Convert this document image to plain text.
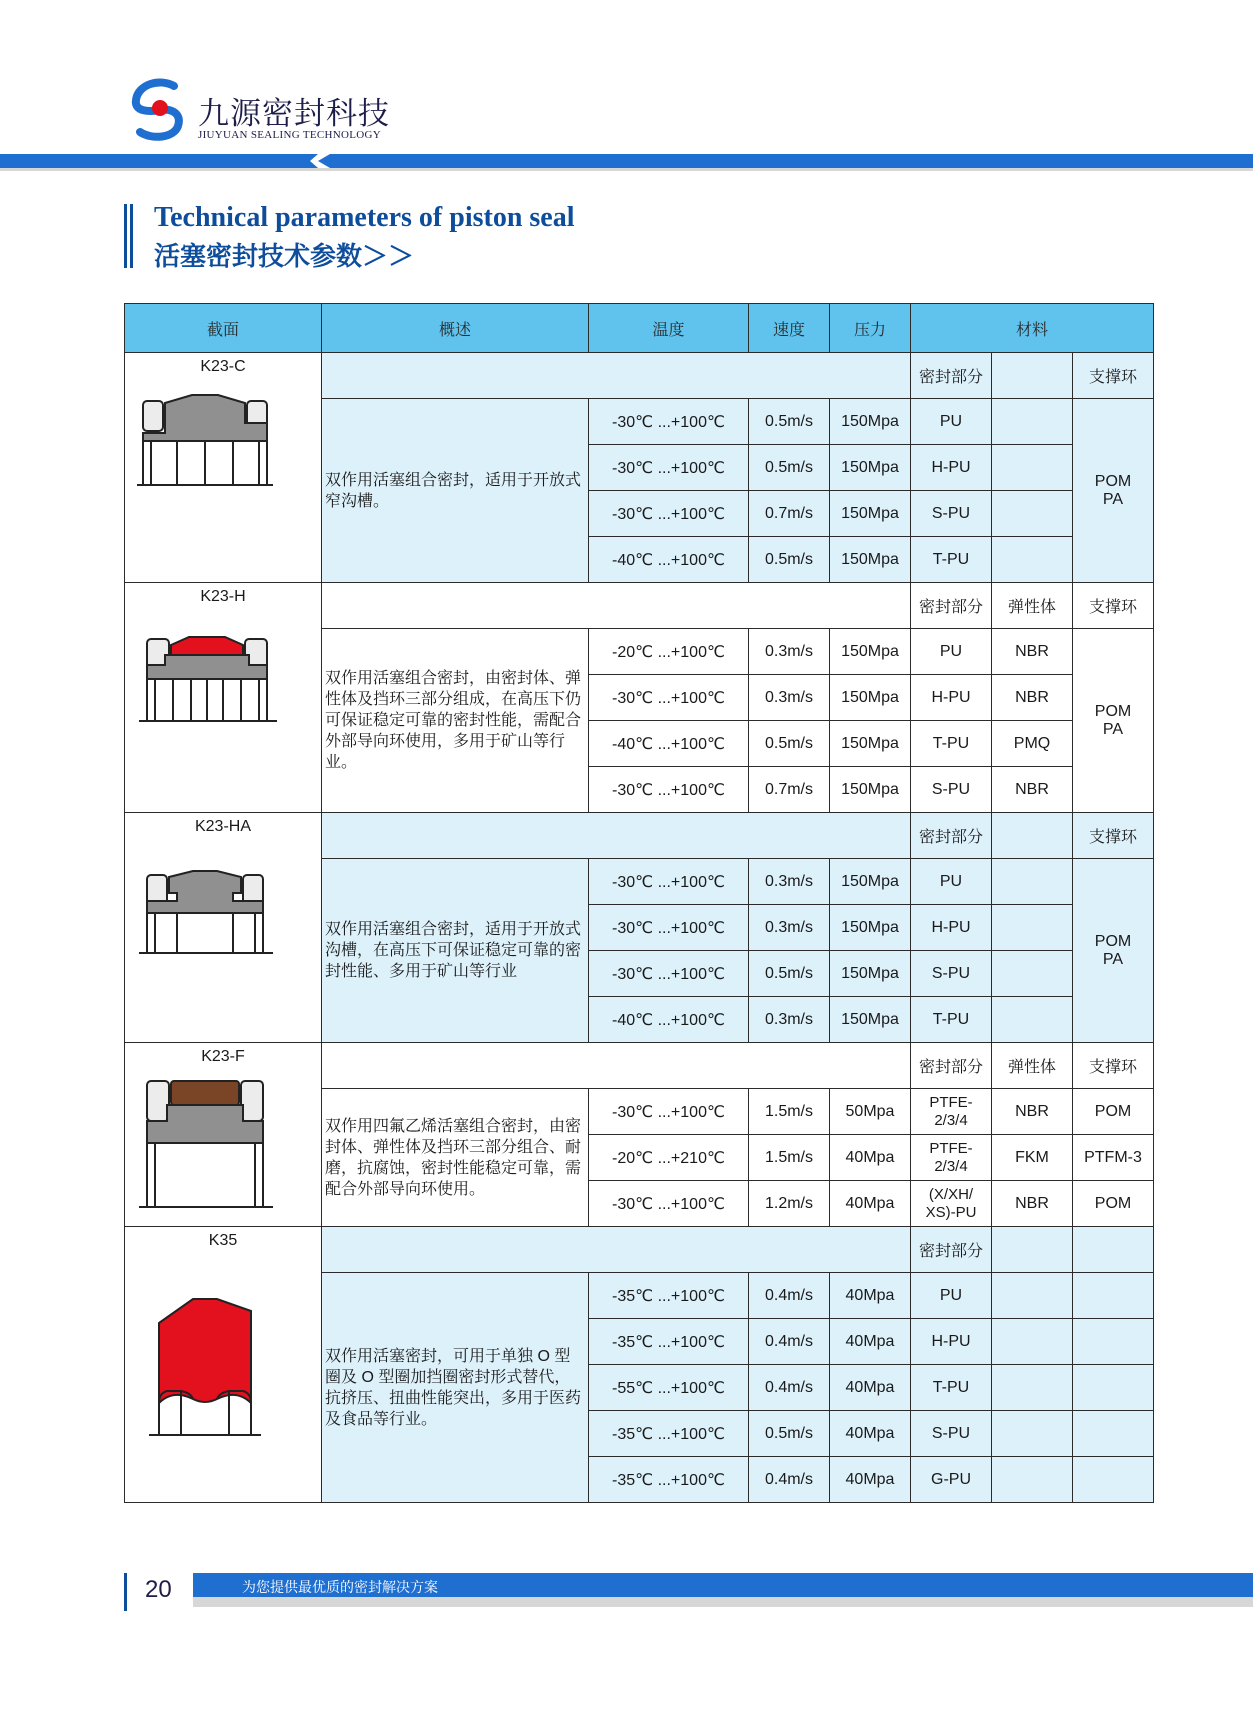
九源密封科技
JIUYUAN SEALING TECHNOLOGY
Technical parameters of piston seal
活塞密封技术参数＞＞
截面	概述	温度	速度	压力	材料		

K23-C					密封部分		支撑环
	双作用活塞组合密封，适用于开放式窄沟槽。	-30℃ ...+100℃	0.5m/s	150Mpa	PU		POM
PA
		-30℃ ...+100℃	0.5m/s	150Mpa	H-PU		
		-30℃ ...+100℃	0.7m/s	150Mpa	S-PU		
		-40℃ ...+100℃	0.5m/s	150Mpa	T-PU		

K23-H					密封部分	弹性体	支撑环
	双作用活塞组合密封，由密封体、弹性体及挡环三部分组成，在高压下仍可保证稳定可靠的密封性能，需配合外部导向环使用，多用于矿山等行业。	-20℃ ...+100℃	0.3m/s	150Mpa	PU	NBR	POM
PA
		-30℃ ...+100℃	0.3m/s	150Mpa	H-PU	NBR	
		-40℃ ...+100℃	0.5m/s	150Mpa	T-PU	PMQ	
		-30℃ ...+100℃	0.7m/s	150Mpa	S-PU	NBR	

K23-HA					密封部分		支撑环
	双作用活塞组合密封，适用于开放式沟槽，在高压下可保证稳定可靠的密封性能、多用于矿山等行业	-30℃ ...+100℃	0.3m/s	150Mpa	PU		POM
PA
		-30℃ ...+100℃	0.3m/s	150Mpa	H-PU		
		-30℃ ...+100℃	0.5m/s	150Mpa	S-PU		
		-40℃ ...+100℃	0.3m/s	150Mpa	T-PU		

K23-F					密封部分	弹性体	支撑环
	双作用四氟乙烯活塞组合密封，由密封体、弹性体及挡环三部分组合、耐磨，抗腐蚀，密封性能稳定可靠，需配合外部导向环使用。	-30℃ ...+100℃	1.5m/s	50Mpa	PTFE-
2/3/4	NBR	POM
		-20℃ ...+210℃	1.5m/s	40Mpa	PTFE-
2/3/4	FKM	PTFM-3
		-30℃ ...+100℃	1.2m/s	40Mpa	(X/XH/
XS)-PU	NBR	POM

K35					密封部分		
	双作用活塞密封，可用于单独 O 型圈及 O 型圈加挡圈密封形式替代，抗挤压、扭曲性能突出，多用于医药及食品等行业。	-35℃ ...+100℃	0.4m/s	40Mpa	PU		
		-35℃ ...+100℃	0.4m/s	40Mpa	H-PU		
		-55℃ ...+100℃	0.4m/s	40Mpa	T-PU		
		-35℃ ...+100℃	0.5m/s	40Mpa	S-PU		
		-35℃ ...+100℃	0.4m/s	40Mpa	G-PU		
20	为您提供最优质的密封解决方案
